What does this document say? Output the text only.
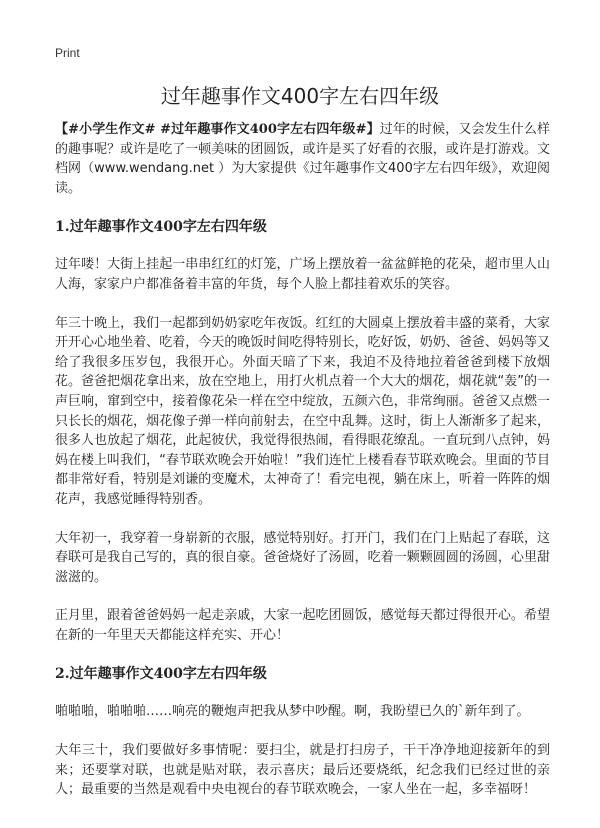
Print
过年趣事作文400字左右四年级

【#小学生作文# #过年趣事作文400字左右四年级#】过年的时候，又会发生什么样的趣事呢？或许是吃了一顿美味的团圆饭，或许是买了好看的衣服，或许是打游戏。文档网（www.wendang.net ）为大家提供《过年趣事作文400字左右四年级》，欢迎阅读。

1.过年趣事作文400字左右四年级

过年喽！大街上挂起一串串红红的灯笼，广场上摆放着一盆盆鲜艳的花朵，超市里人山人海，家家户户都准备着丰富的年货，每个人脸上都挂着欢乐的笑容。

年三十晚上，我们一起都到奶奶家吃年夜饭。红红的大圆桌上摆放着丰盛的菜肴，大家开开心心地坐着、吃着，今天的晚饭时间吃得特别长，吃好饭，奶奶、爸爸、妈妈等又给了我很多压岁包，我很开心。外面天暗了下来，我迫不及待地拉着爸爸到楼下放烟花。爸爸把烟花拿出来，放在空地上，用打火机点着一个大大的烟花，烟花就“轰”的一声巨响，窜到空中，接着像花朵一样在空中绽放，五颜六色，非常绚丽。爸爸又点燃一只长长的烟花，烟花像子弹一样向前射去，在空中乱舞。这时，街上人渐渐多了起来，很多人也放起了烟花，此起彼伏，我觉得很热闹，看得眼花缭乱。一直玩到八点钟，妈妈在楼上叫我们，“春节联欢晚会开始啦！”我们连忙上楼看春节联欢晚会。里面的节目都非常好看，特别是刘谦的变魔术，太神奇了！看完电视，躺在床上，听着一阵阵的烟花声，我感觉睡得特别香。

大年初一，我穿着一身崭新的衣服，感觉特别好。打开门，我们在门上贴起了春联，这春联可是我自己写的，真的很自豪。爸爸烧好了汤圆，吃着一颗颗圆圆的汤圆，心里甜滋滋的。

正月里，跟着爸爸妈妈一起走亲戚，大家一起吃团圆饭，感觉每天都过得很开心。希望在新的一年里天天都能这样充实、开心！

2.过年趣事作文400字左右四年级

啪啪啪，啪啪啪……响亮的鞭炮声把我从梦中吵醒。啊，我盼望已久的`新年到了。

大年三十，我们要做好多事情呢：要扫尘，就是打扫房子，干干净净地迎接新年的到来；还要掌对联，也就是贴对联，表示喜庆；最后还要烧纸，纪念我们已经过世的亲人；最重要的当然是观看中央电视台的春节联欢晚会，一家人坐在一起，多幸福呀！
